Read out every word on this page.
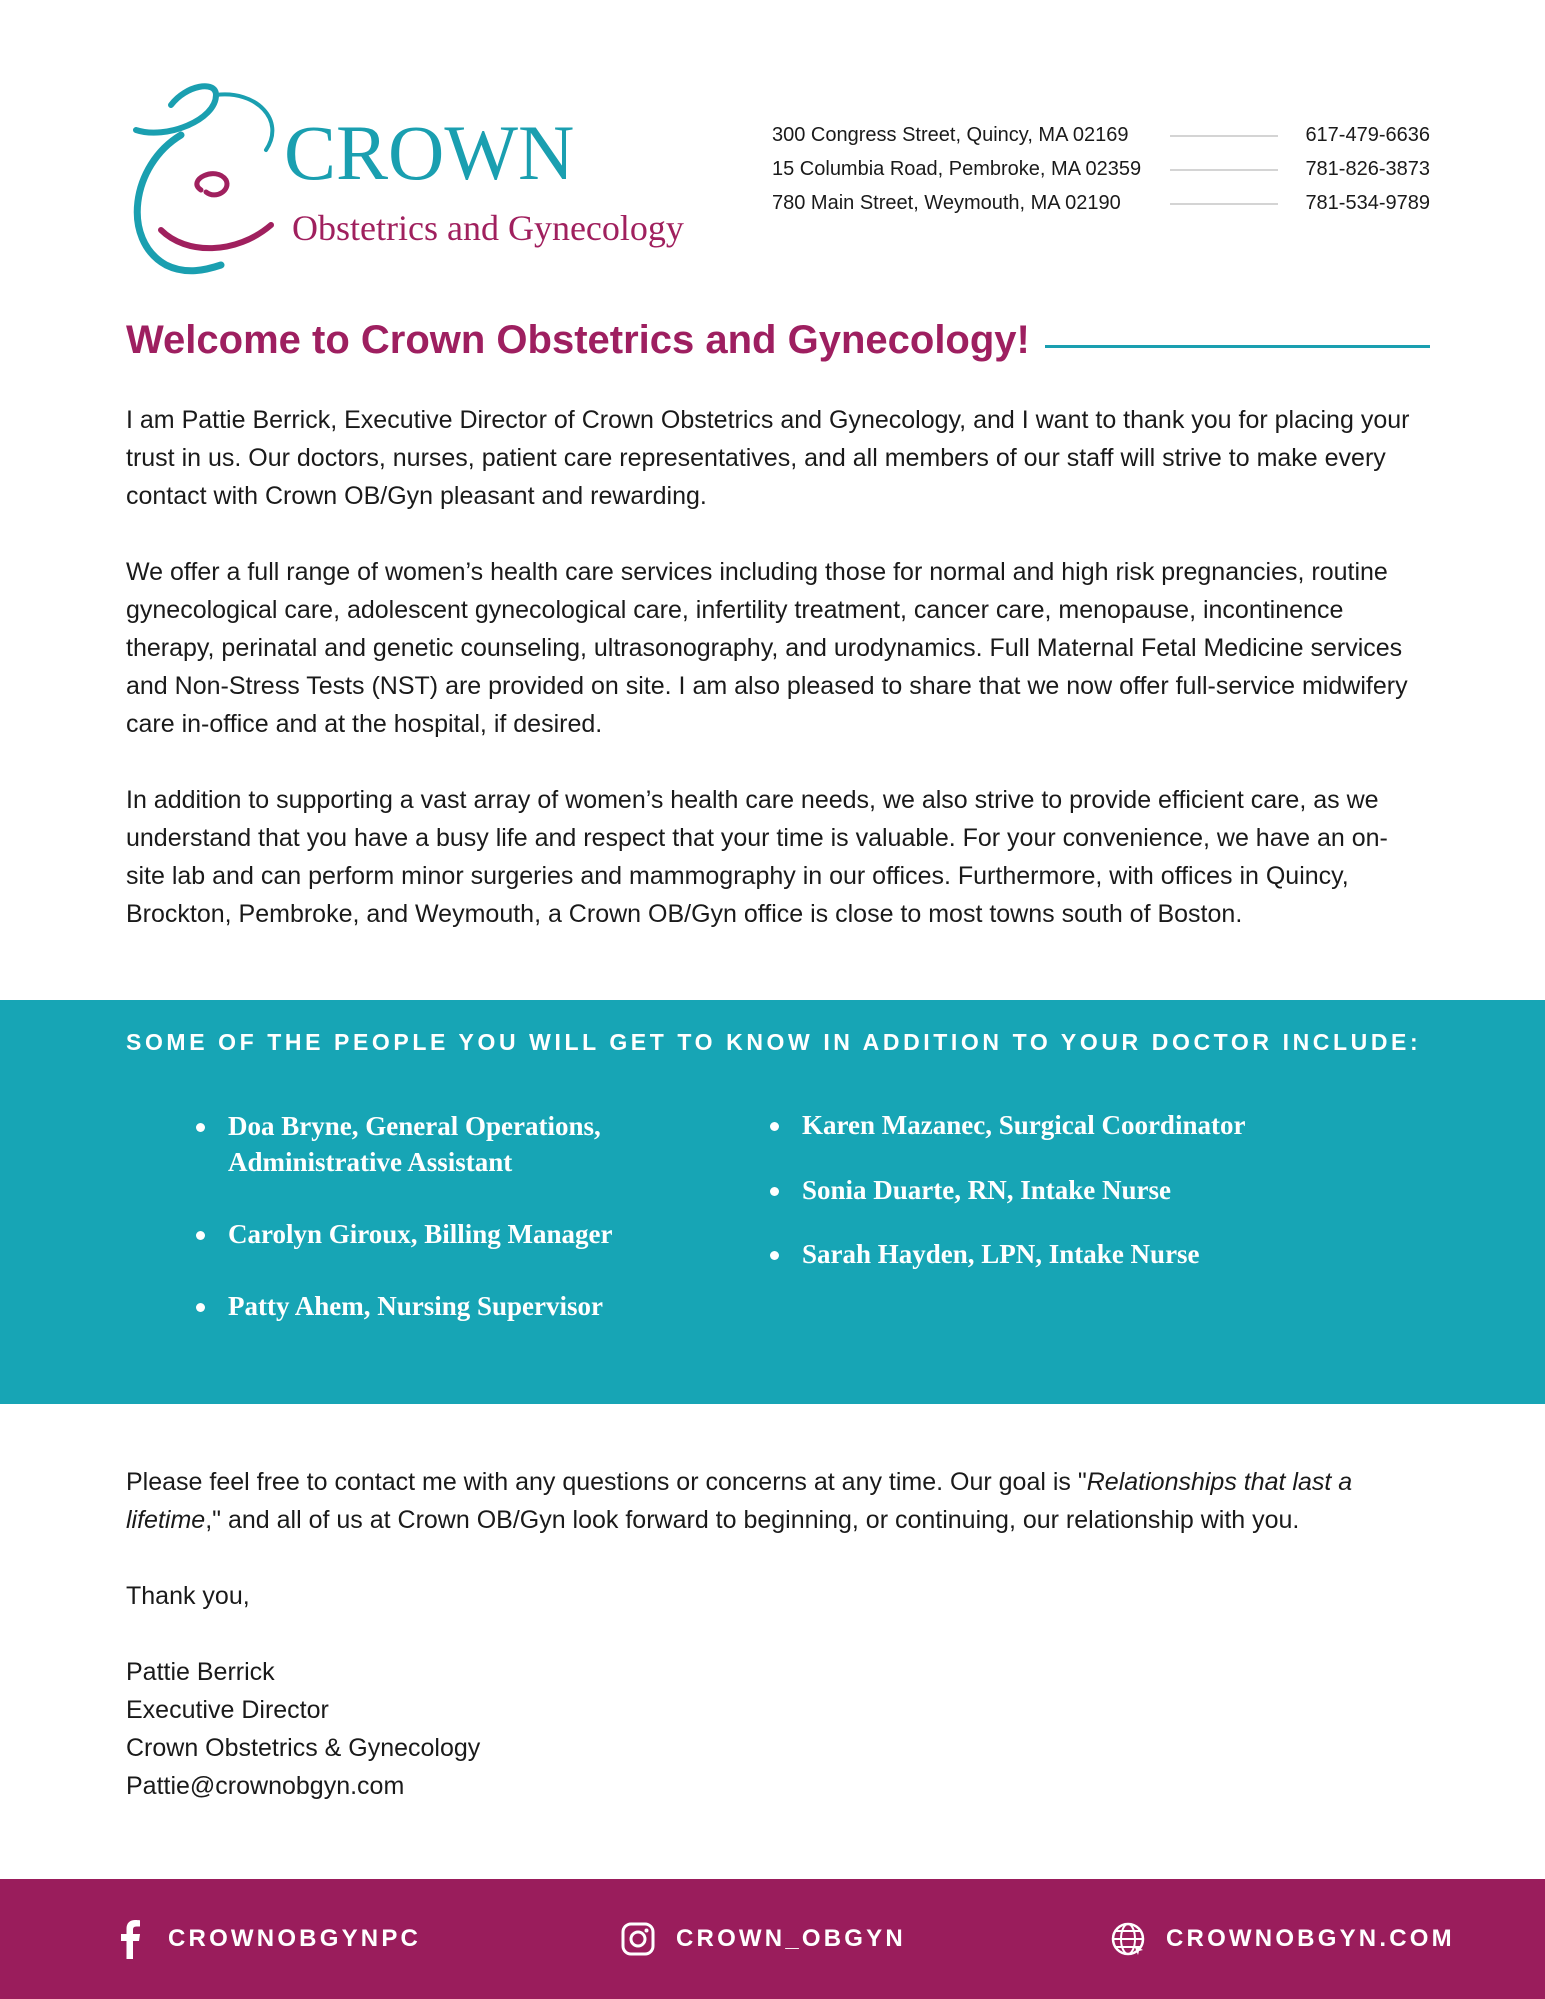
CROWN
Obstetrics and Gynecology
300 Congress Street, Quincy, MA 02169	617-479-6636
15 Columbia Road, Pembroke, MA 02359	781-826-3873
780 Main Street, Weymouth, MA 02190	781-534-9789
Welcome to Crown Obstetrics and Gynecology!

I am Pattie Berrick, Executive Director of Crown Obstetrics and Gynecology, and I want to thank you for placing your trust in us. Our doctors, nurses, patient care representatives, and all members of our staff will strive to make every contact with Crown OB/Gyn pleasant and rewarding.

We offer a full range of women’s health care services including those for normal and high risk pregnancies, routine gynecological care, adolescent gynecological care, infertility treatment, cancer care, menopause, incontinence therapy, perinatal and genetic counseling, ultrasonography, and urodynamics. Full Maternal Fetal Medicine services and Non-Stress Tests (NST) are provided on site. I am also pleased to share that we now offer full-service midwifery care in-office and at the hospital, if desired.

In addition to supporting a vast array of women’s health care needs, we also strive to provide efficient care, as we understand that you have a busy life and respect that your time is valuable. For your convenience, we have an on-site lab and can perform minor surgeries and mammography in our offices. Furthermore, with offices in Quincy, Brockton, Pembroke, and Weymouth, a Crown OB/Gyn office is close to most towns south of Boston.

SOME OF THE PEOPLE YOU WILL GET TO KNOW IN ADDITION TO YOUR DOCTOR INCLUDE:
Doa Bryne, General Operations, Administrative Assistant
Carolyn Giroux, Billing Manager
Patty Ahem, Nursing Supervisor
Karen Mazanec, Surgical Coordinator
Sonia Duarte, RN, Intake Nurse
Sarah Hayden, LPN, Intake Nurse

Please feel free to contact me with any questions or concerns at any time. Our goal is "Relationships that last a lifetime," and all of us at Crown OB/Gyn look forward to beginning, or continuing, our relationship with you.

Thank you,
Pattie Berrick
Executive Director
Crown Obstetrics & Gynecology
Pattie@crownobgyn.com
CROWNOBGYNPC	CROWN_OBGYN	CROWNOBGYN.COM
